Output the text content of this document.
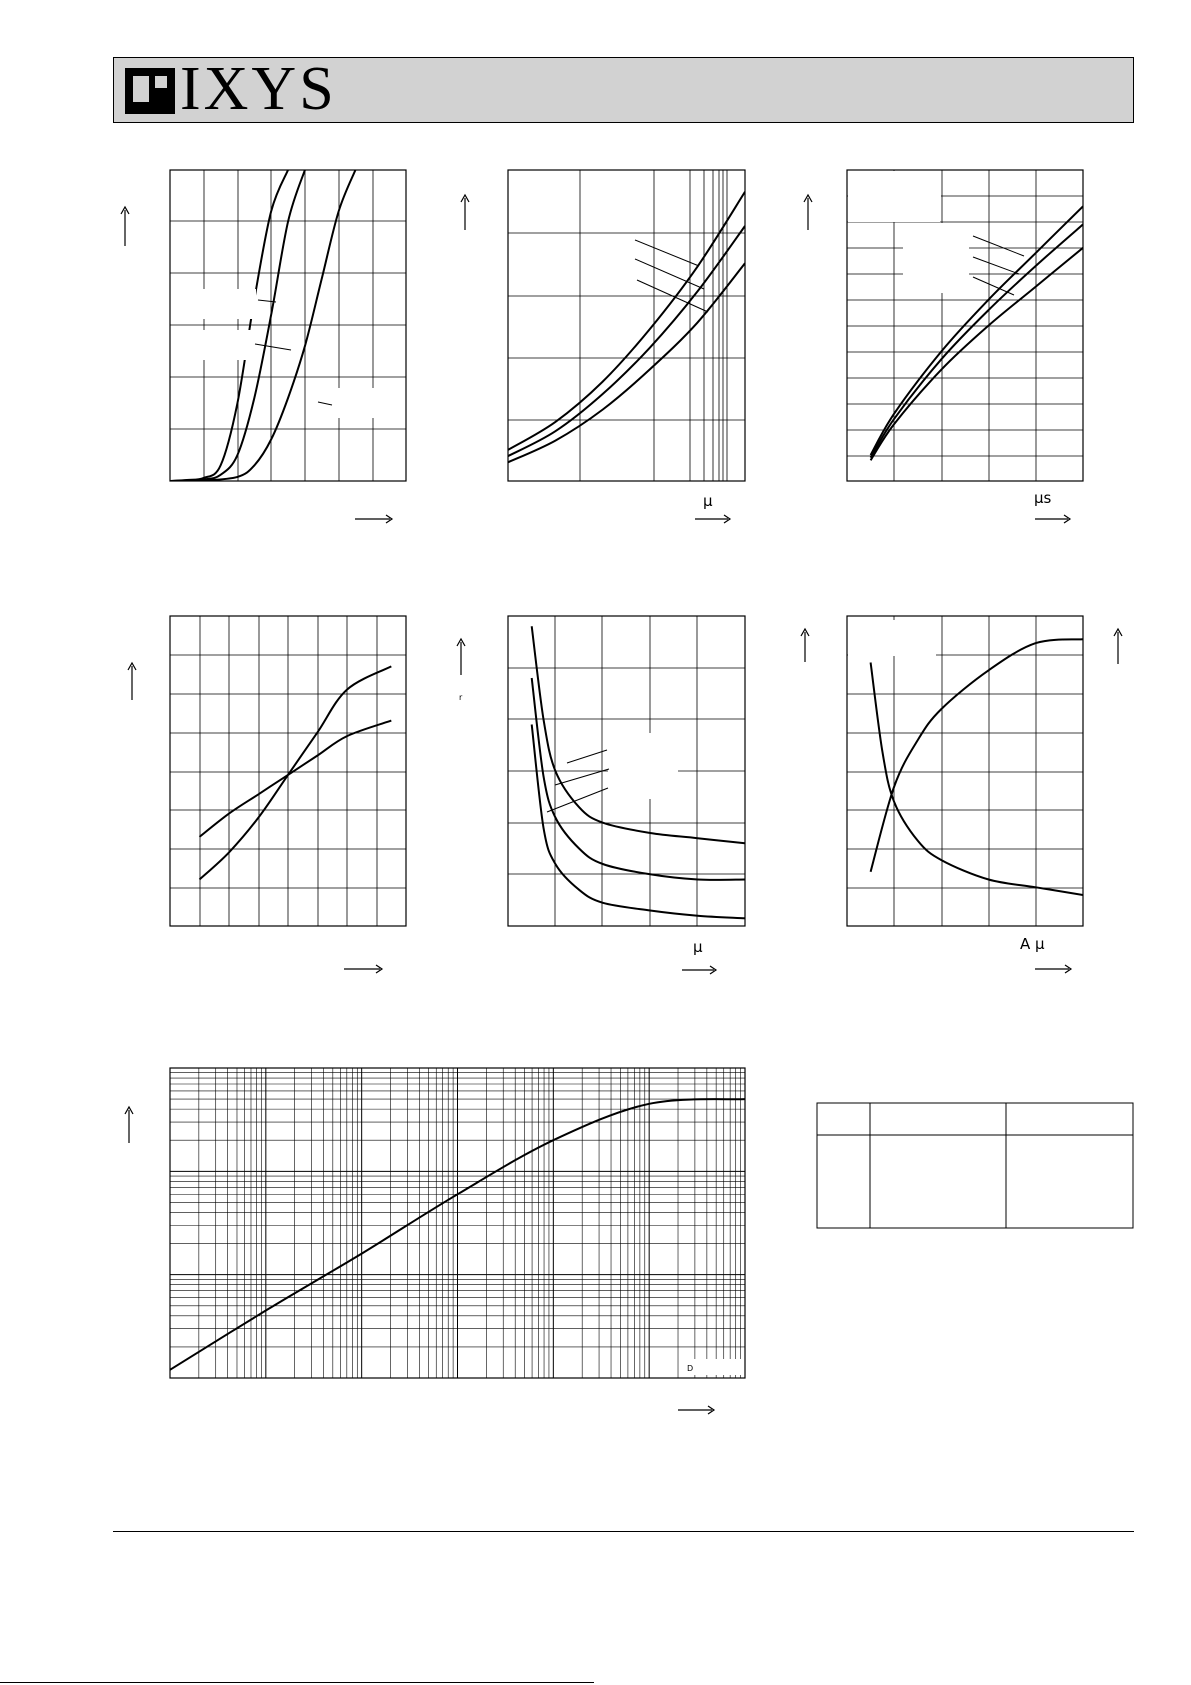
IXYS
µ	µs
r
µ	A µ
D
